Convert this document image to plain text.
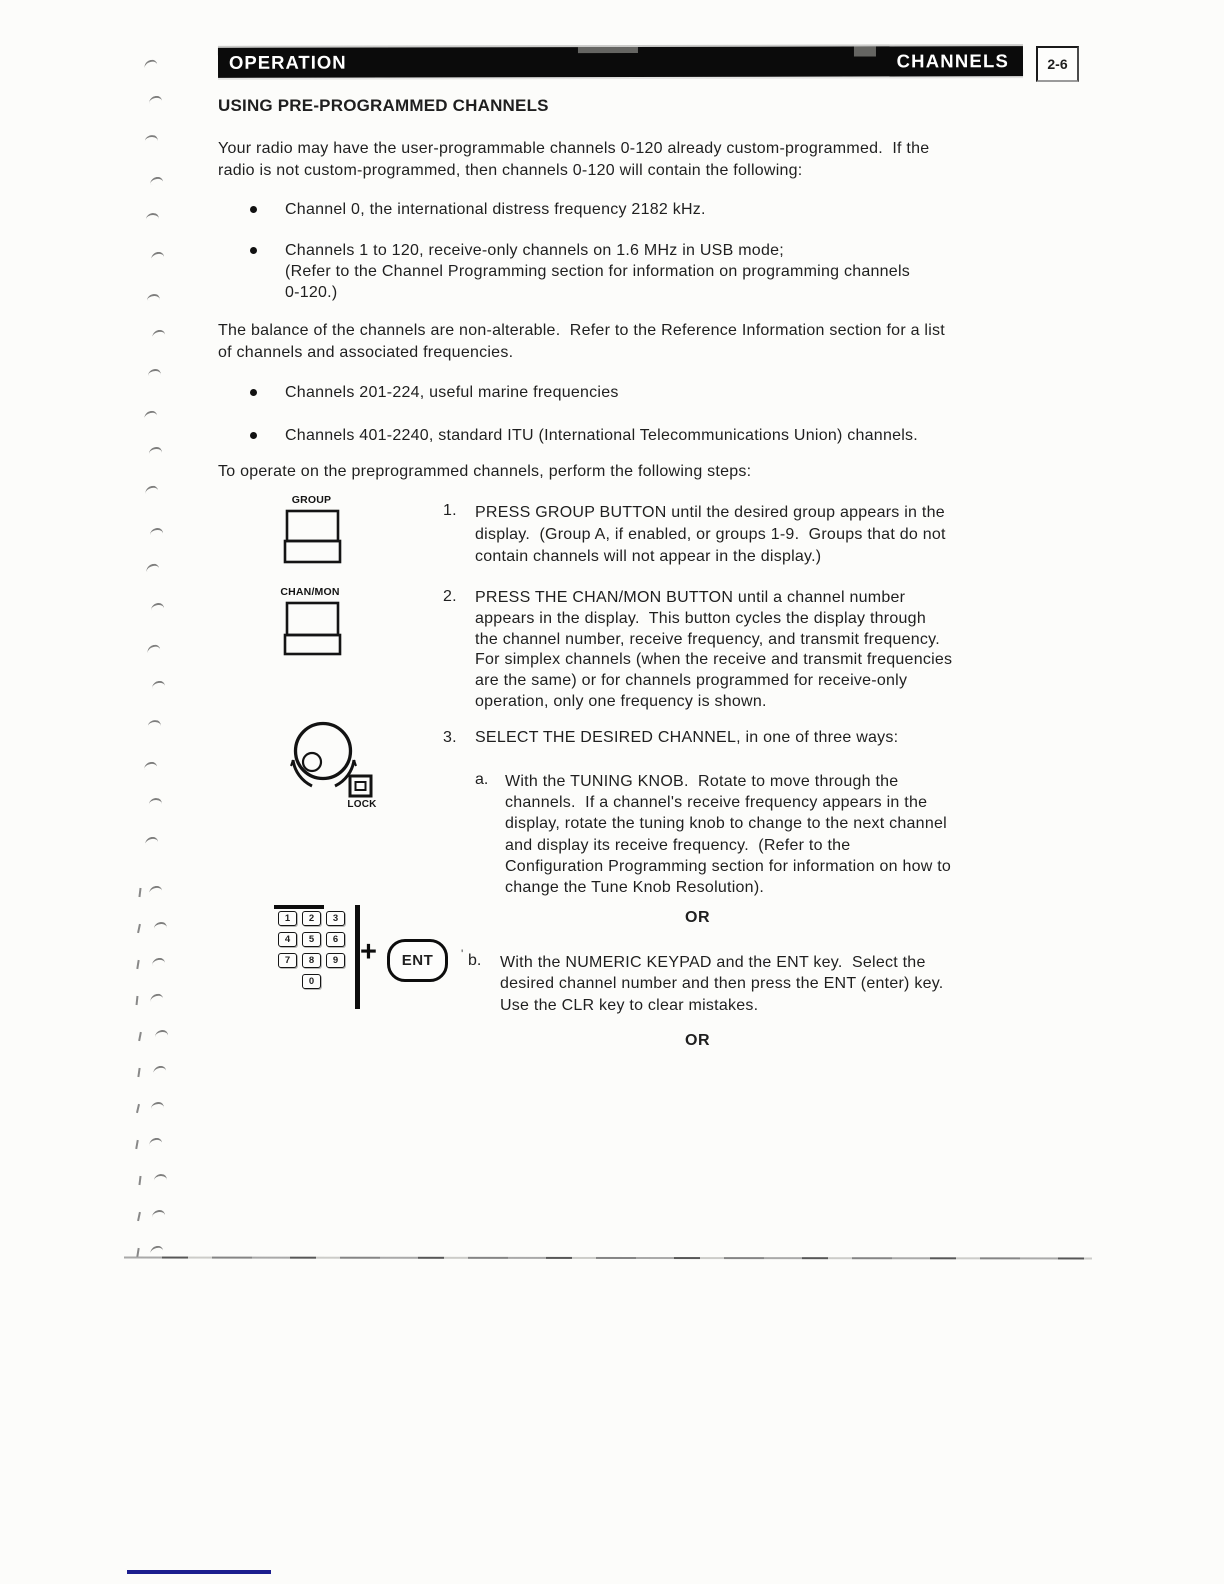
OPERATION	CHANNELS	2-6
USING PRE-PROGRAMMED CHANNELS
Your radio may have the user-programmable channels 0-120 already custom-programmed.  If the
radio is not custom-programmed, then channels 0-120 will contain the following:
Channel 0, the international distress frequency 2182 kHz.
Channels 1 to 120, receive-only channels on 1.6 MHz in USB mode;
(Refer to the Channel Programming section for information on programming channels
0-120.)
The balance of the channels are non-alterable.  Refer to the Reference Information section for a list
of channels and associated frequencies.
Channels 201-224, useful marine frequencies
Channels 401-2240, standard ITU (International Telecommunications Union) channels.
To operate on the preprogrammed channels, perform the following steps:
GROUP
1. PRESS GROUP BUTTON until the desired group appears in the
display.  (Group A, if enabled, or groups 1-9.  Groups that do not
contain channels will not appear in the display.)
CHAN/MON	2. PRESS THE CHAN/MON BUTTON until a channel number
appears in the display.  This button cycles the display through
the channel number, receive frequency, and transmit frequency.
For simplex channels (when the receive and transmit frequencies
are the same) or for channels programmed for receive-only
operation, only one frequency is shown.
LOCK
3. SELECT THE DESIRED CHANNEL, in one of three ways:
a. With the TUNING KNOB.  Rotate to move through the
channels.  If a channel's receive frequency appears in the
display, rotate the tuning knob to change to the next channel
and display its receive frequency.  (Refer to the
Configuration Programming section for information on how to
change the Tune Knob Resolution).
OR
1	2	3
4	5	6
7	8	9
0
+	ENT	' b. With the NUMERIC KEYPAD and the ENT key.  Select the
desired channel number and then press the ENT (enter) key.
Use the CLR key to clear mistakes.
OR
